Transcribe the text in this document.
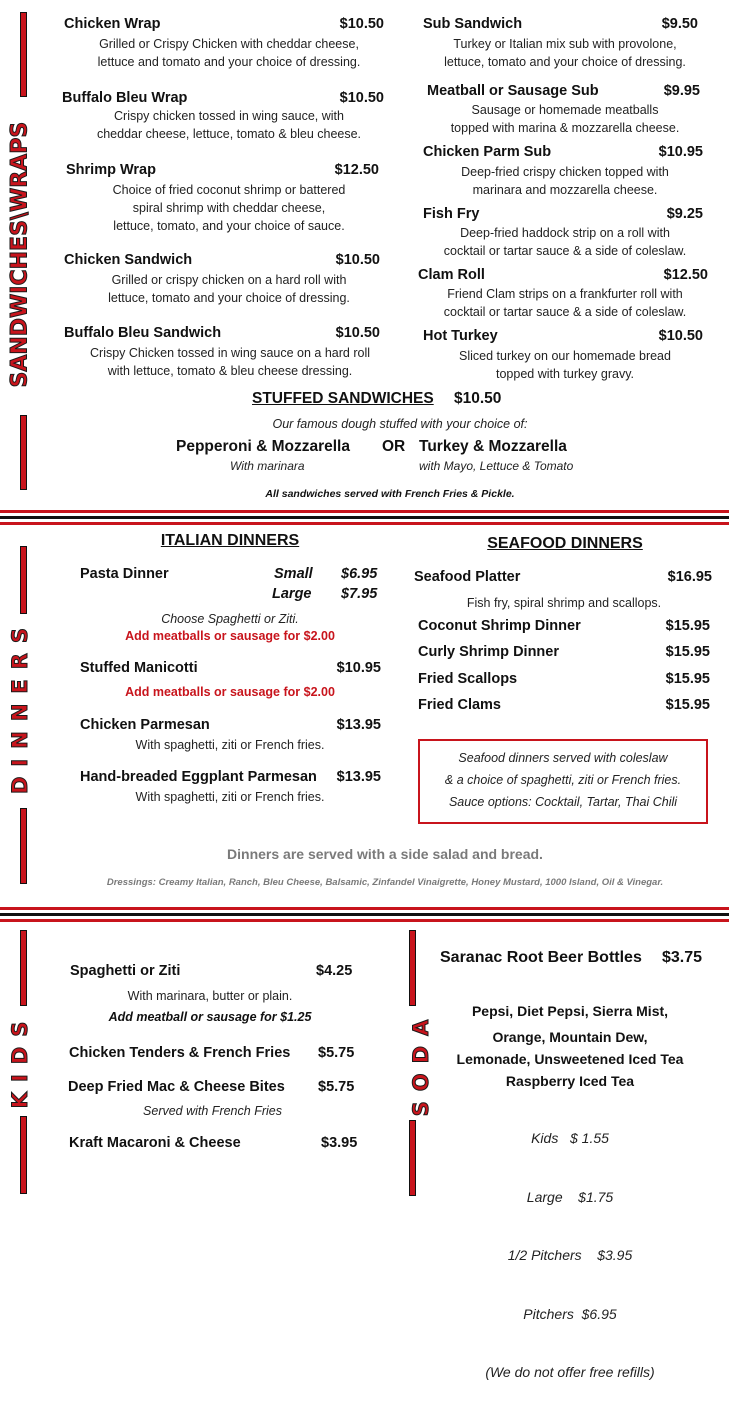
SANDWICHES\WRAPS
Chicken Wrap	$10.50
Grilled or Crispy Chicken with cheddar cheese,
lettuce and tomato and your choice of dressing.
Buffalo Bleu Wrap	$10.50
Crispy chicken tossed in wing sauce, with
cheddar cheese, lettuce, tomato & bleu cheese.
Shrimp Wrap	$12.50
Choice of fried coconut shrimp or battered
spiral shrimp with cheddar cheese,
lettuce, tomato, and your choice of sauce.
Chicken Sandwich	$10.50
Grilled or crispy chicken on a hard roll with
lettuce, tomato and your choice of dressing.
Buffalo Bleu Sandwich	$10.50
Crispy Chicken tossed in wing sauce on a hard roll
with lettuce, tomato & bleu cheese dressing.
Sub Sandwich	$9.50
Turkey or Italian mix sub with provolone,
lettuce, tomato and your choice of dressing.
Meatball or Sausage Sub	$9.95
Sausage or homemade meatballs
topped with marina & mozzarella cheese.
Chicken Parm Sub	$10.95
Deep-fried crispy chicken topped with
marinara and mozzarella cheese.
Fish Fry	$9.25
Deep-fried haddock strip on a roll with
cocktail or tartar sauce & a side of coleslaw.
Clam Roll	$12.50
Friend Clam strips on a frankfurter roll with
cocktail or tartar sauce & a side of coleslaw.
Hot Turkey	$10.50
Sliced turkey on our homemade bread
topped with turkey gravy.
STUFFED SANDWICHES $10.50
Our famous dough stuffed with your choice of:
Pepperoni & Mozzarella OR Turkey & Mozzarella
With marinara	with Mayo, Lettuce & Tomato
All sandwiches served with French Fries & Pickle.
DINNERS
ITALIAN DINNERS
Pasta Dinner	Small $6.95
Large $7.95
Choose Spaghetti or Ziti.
Add meatballs or sausage for $2.00
Stuffed Manicotti	$10.95
Add meatballs or sausage for $2.00
Chicken Parmesan	$13.95
With spaghetti, ziti or French fries.
Hand-breaded Eggplant Parmesan $13.95
With spaghetti, ziti or French fries.
SEAFOOD DINNERS
Seafood Platter	$16.95
Fish fry, spiral shrimp and scallops.
Coconut Shrimp Dinner	$15.95
Curly Shrimp Dinner	$15.95
Fried Scallops	$15.95
Fried Clams	$15.95
Seafood dinners served with coleslaw
& a choice of spaghetti, ziti or French fries.
Sauce options: Cocktail, Tartar, Thai Chili
Dinners are served with a side salad and bread.
Dressings: Creamy Italian, Ranch, Bleu Cheese, Balsamic, Zinfandel Vinaigrette, Honey Mustard, 1000 Island, Oil & Vinegar.
KIDS
Spaghetti or Ziti	$4.25
With marinara, butter or plain.
Add meatball or sausage for $1.25
Chicken Tenders & French Fries $5.75
Deep Fried Mac & Cheese Bites $5.75
Served with French Fries
Kraft Macaroni & Cheese	$3.95
SODA
Saranac Root Beer Bottles $3.75
Pepsi, Diet Pepsi, Sierra Mist,
Orange, Mountain Dew,
Lemonade, Unsweetened Iced Tea
Raspberry Iced Tea

Kids   $ 1.55

Large    $1.75

1/2 Pitchers    $3.95

Pitchers  $6.95

(We do not offer free refills)
